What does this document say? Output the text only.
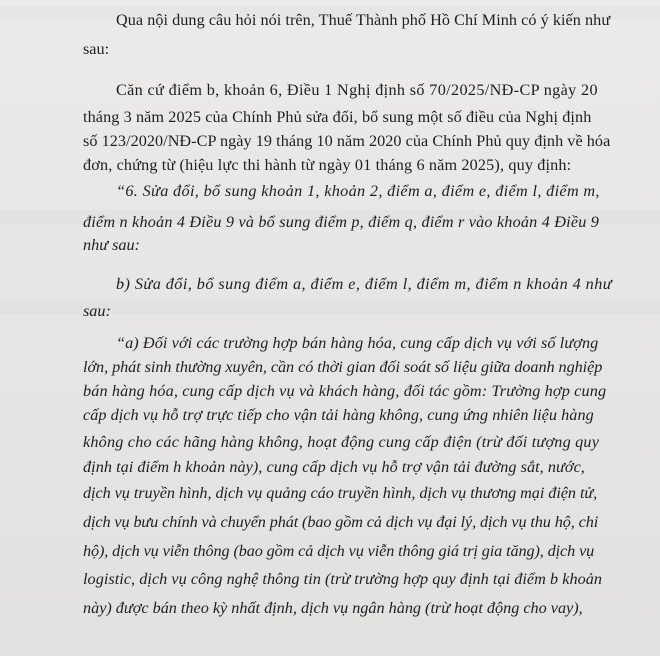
Qua nội dung câu hỏi nói trên, Thuế Thành phố Hồ Chí Minh có ý kiến như
sau:
Căn cứ điểm b, khoản 6, Điều 1 Nghị định số 70/2025/NĐ-CP ngày 20
tháng 3 năm 2025 của Chính Phủ sửa đổi, bổ sung một số điều của Nghị định
số 123/2020/NĐ-CP ngày 19 tháng 10 năm 2020 của Chính Phủ quy định về hóa
đơn, chứng từ (hiệu lực thi hành từ ngày 01 tháng 6 năm 2025), quy định:
“6. Sửa đổi, bổ sung khoản 1, khoản 2, điểm a, điểm e, điểm l, điểm m,
điểm n khoản 4 Điều 9 và bổ sung điểm p, điểm q, điểm r vào khoản 4 Điều 9
như sau:
b) Sửa đổi, bổ sung điểm a, điểm e, điểm l, điểm m, điểm n khoản 4 như
sau:
“a) Đối với các trường hợp bán hàng hóa, cung cấp dịch vụ với số lượng
lớn, phát sinh thường xuyên, cần có thời gian đối soát số liệu giữa doanh nghiệp
bán hàng hóa, cung cấp dịch vụ và khách hàng, đối tác gồm: Trường hợp cung
cấp dịch vụ hỗ trợ trực tiếp cho vận tải hàng không, cung ứng nhiên liệu hàng
không cho các hãng hàng không, hoạt động cung cấp điện (trừ đối tượng quy
định tại điểm h khoản này), cung cấp dịch vụ hỗ trợ vận tải đường sắt, nước,
dịch vụ truyền hình, dịch vụ quảng cáo truyền hình, dịch vụ thương mại điện tử,
dịch vụ bưu chính và chuyển phát (bao gồm cả dịch vụ đại lý, dịch vụ thu hộ, chi
hộ), dịch vụ viễn thông (bao gồm cả dịch vụ viễn thông giá trị gia tăng), dịch vụ
logistic, dịch vụ công nghệ thông tin (trừ trường hợp quy định tại điểm b khoản
này) được bán theo kỳ nhất định, dịch vụ ngân hàng (trừ hoạt động cho vay),
